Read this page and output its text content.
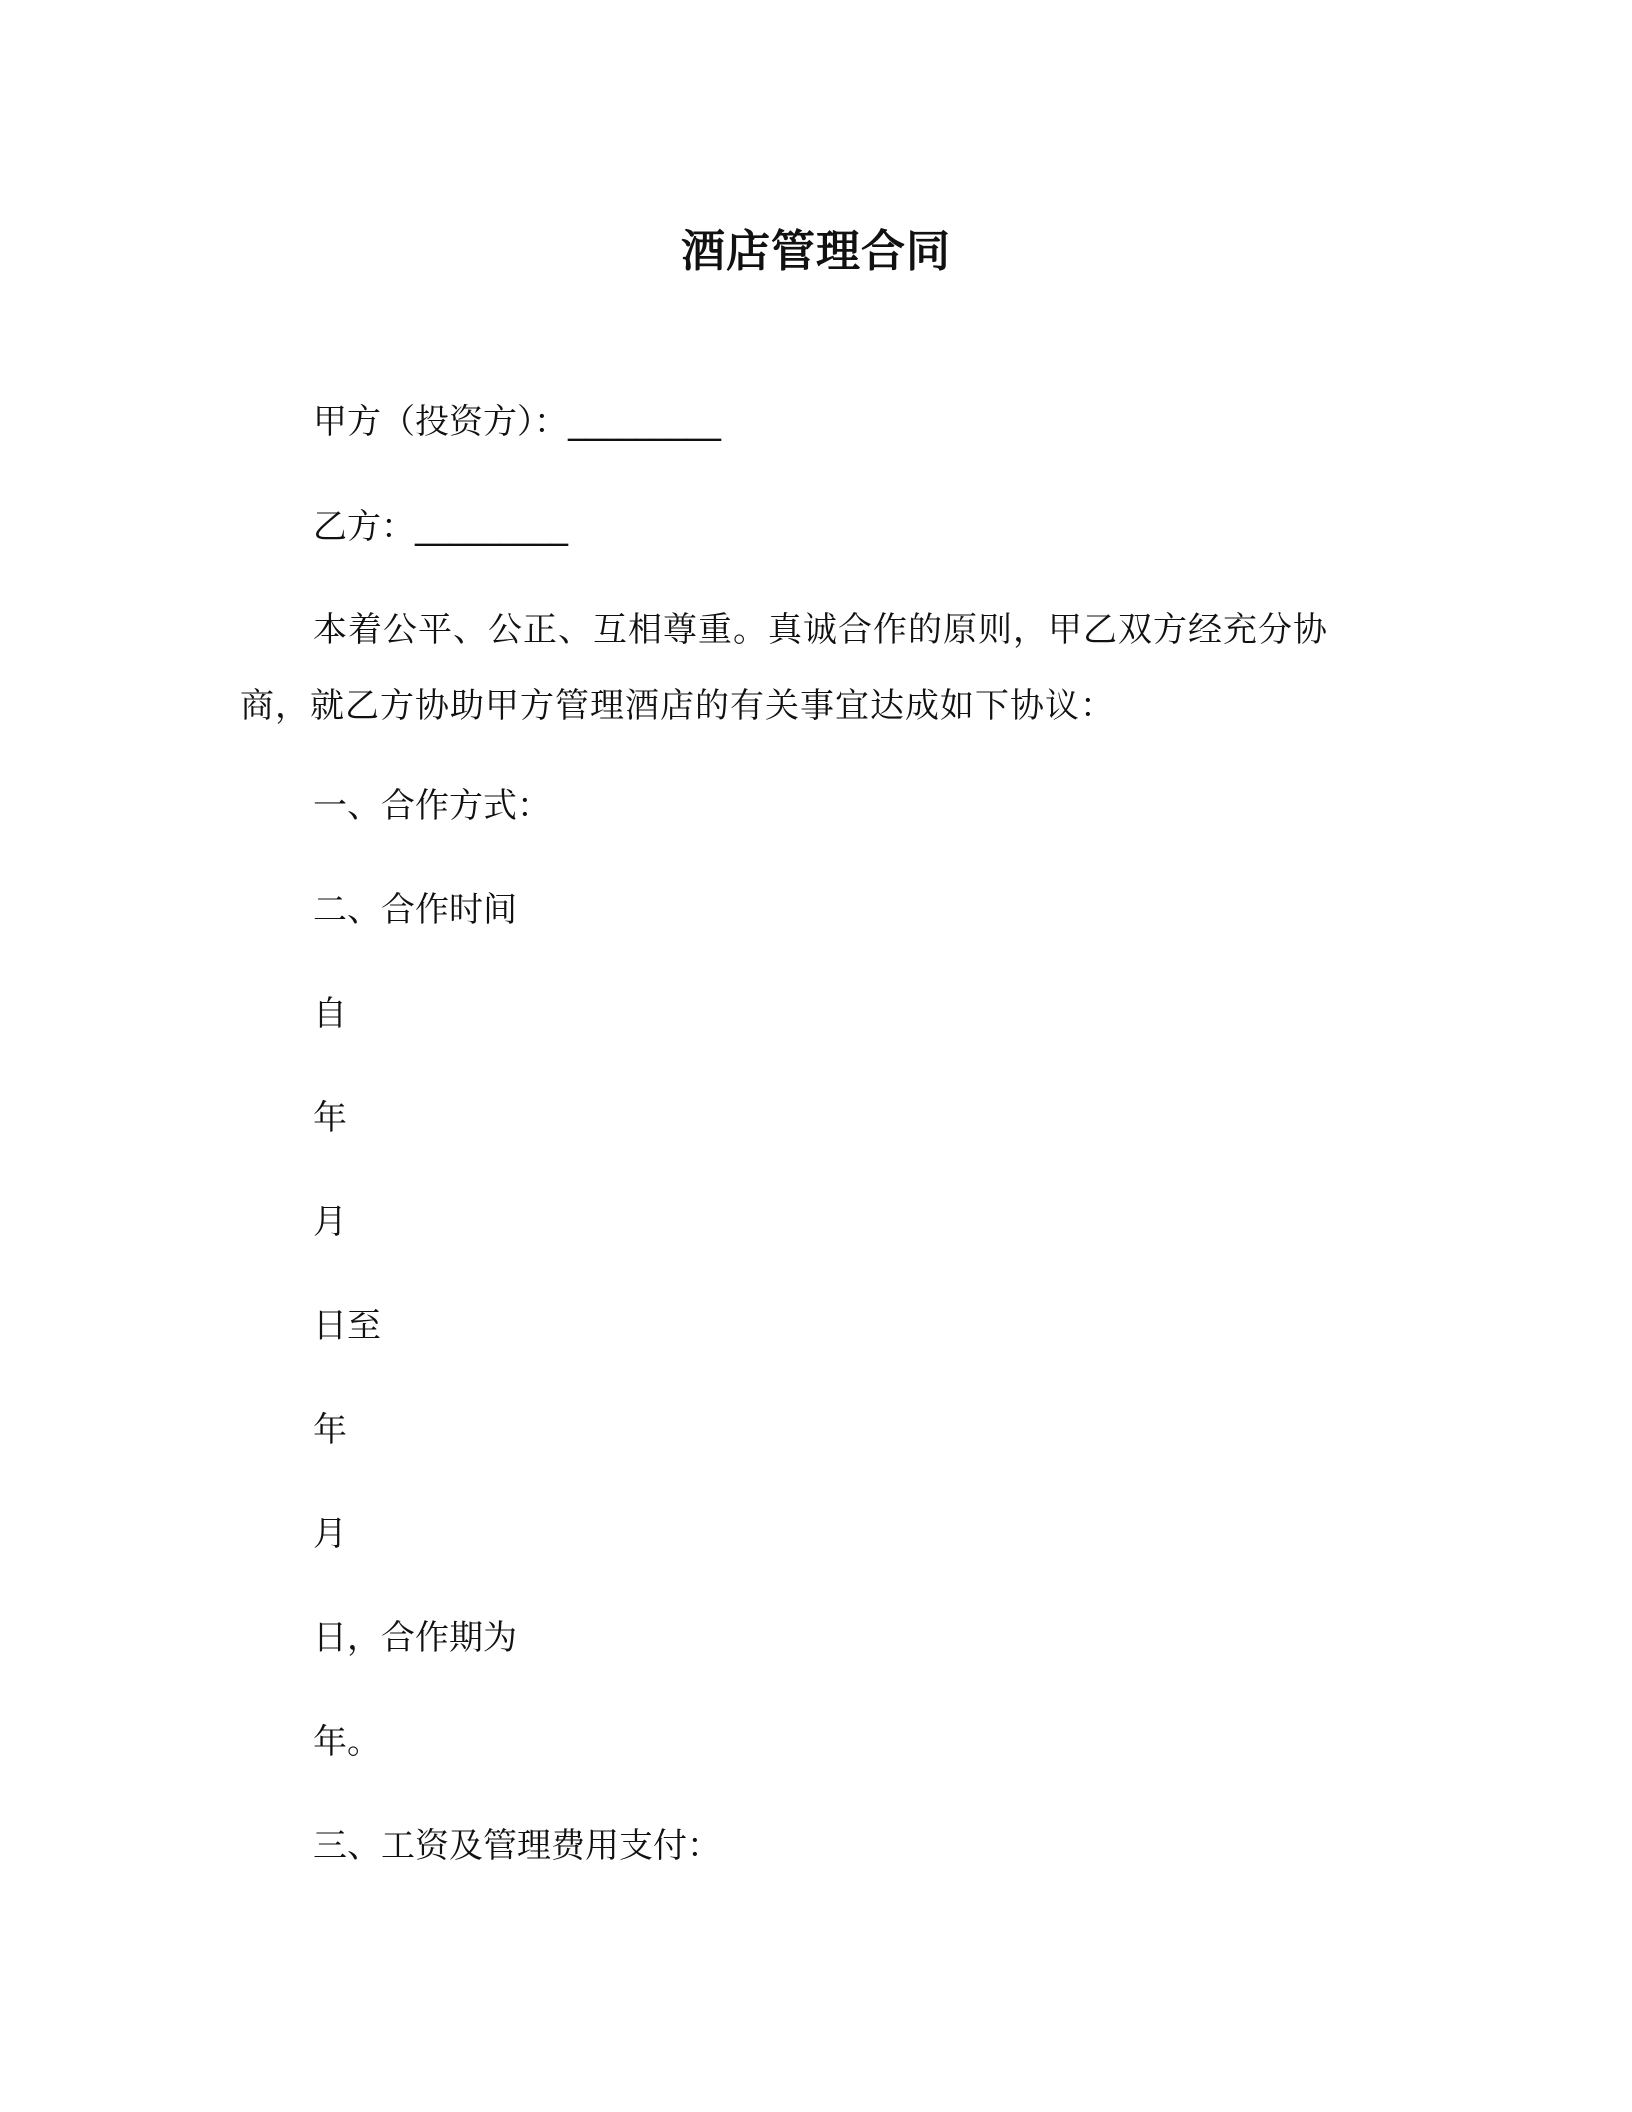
酒店管理合同
甲方（投资方）：_________
乙方：_________
本着公平、公正、互相尊重。真诚合作的原则，甲乙双方经充分协商，就乙方协助甲方管理酒店的有关事宜达成如下协议：
一、合作方式：
二、合作时间
自
年
月
日至
年
月
日，合作期为
年。
三、工资及管理费用支付：
